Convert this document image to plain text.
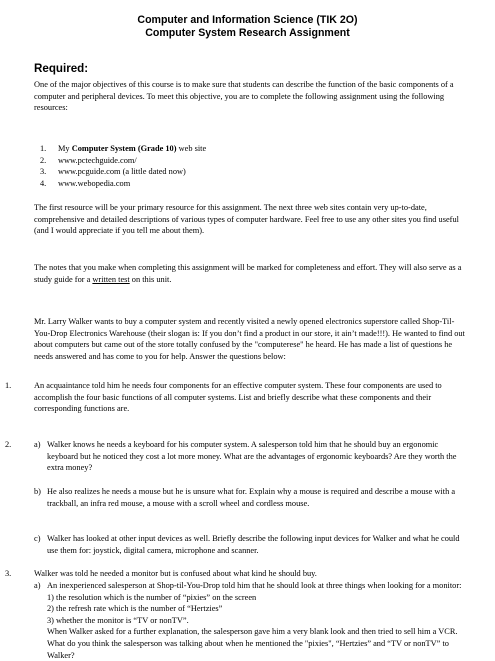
Computer and Information Science (TIK 2O)
Computer System Research Assignment
Required:

One of the major objectives of this course is to make sure that students can describe the function of the basic components of a computer and peripheral devices. To meet this objective, you are to complete the following assignment using the following resources:

1. My Computer System (Grade 10) web site
2. www.pctechguide.com/
3. www.pcguide.com (a little dated now)
4. www.webopedia.com

The first resource will be your primary resource for this assignment. The next three web sites contain very up-to-date, comprehensive and detailed descriptions of various types of computer hardware. Feel free to use any other sites you find useful (and I would appreciate if you tell me about them).

The notes that you make when completing this assignment will be marked for completeness and effort. They will also serve as a study guide for a written test on this unit.

Mr. Larry Walker wants to buy a computer system and recently visited a newly opened electronics superstore called Shop-Til-You-Drop Electronics Warehouse (their slogan is: If you don’t find a product in our store, it ain’t made!!!). He wanted to find out about computers but came out of the store totally confused by the "computerese" he heard. He has made a list of questions he needs answered and has come to you for help. Answer the questions below:

1.	An acquaintance told him he needs four components for an effective computer system. These four components are used to accomplish the four basic functions of all computer systems. List and briefly describe what these components and their corresponding functions are.
2.	a) Walker knows he needs a keyboard for his computer system. A salesperson told him that he should buy an ergonomic keyboard but he noticed they cost a lot more money. What are the advantages of ergonomic keyboards? Are they worth the extra money?
b) He also realizes he needs a mouse but he is unsure what for. Explain why a mouse is required and describe a mouse with a trackball, an infra red mouse, a mouse with a scroll wheel and cordless mouse.
c) Walker has looked at other input devices as well. Briefly describe the following input devices for Walker and what he could use them for: joystick, digital camera, microphone and scanner.
3.	Walker was told he needed a monitor but is confused about what kind he should buy.
a) An inexperienced salesperson at Shop-til-You-Drop told him that he should look at three things when looking for a monitor:
1) the resolution which is the number of “pixies” on the screen
2) the refresh rate which is the number of “Hertzies”
3) whether the monitor is “TV or nonTV”.
When Walker asked for a further explanation, the salesperson gave him a very blank look and then tried to sell him a VCR. What do you think the salesperson was talking about when he mentioned the "pixies", “Hertzies” and “TV or nonTV” to Walker?
